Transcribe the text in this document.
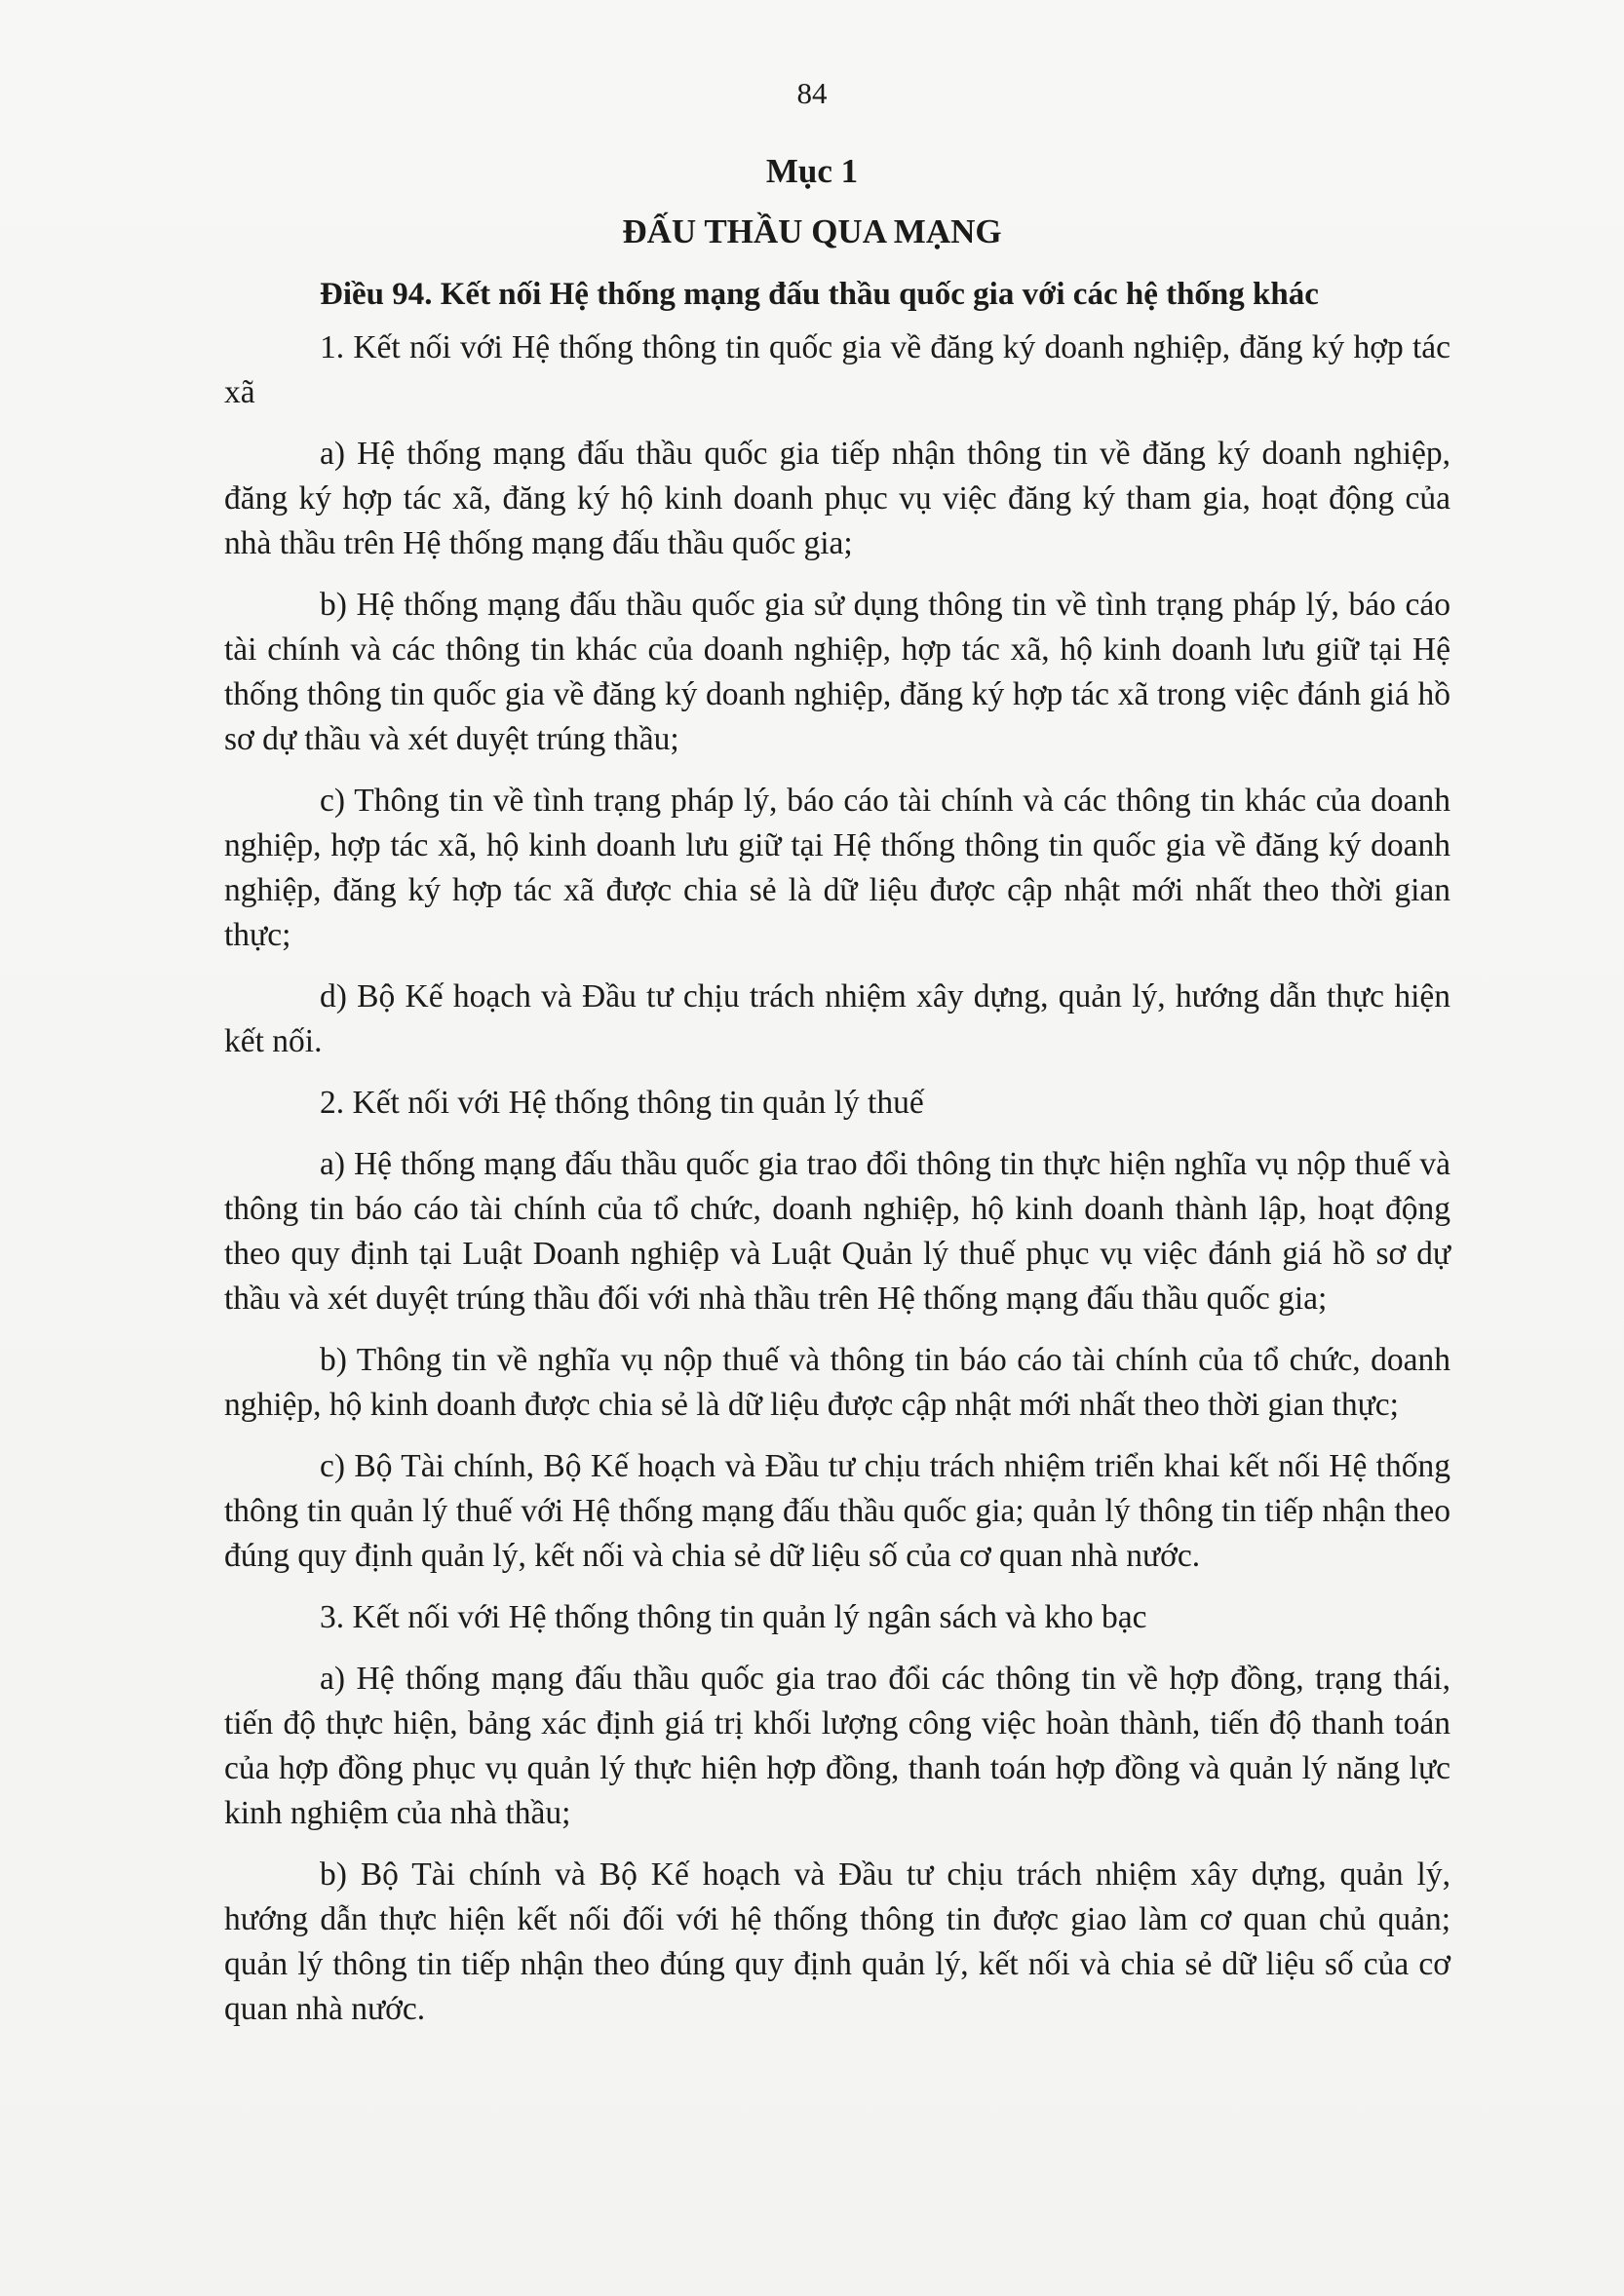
84
Mục 1
ĐẤU THẦU QUA MẠNG
Điều 94. Kết nối Hệ thống mạng đấu thầu quốc gia với các hệ thống khác

1. Kết nối với Hệ thống thông tin quốc gia về đăng ký doanh nghiệp, đăng ký hợp tác xã

a) Hệ thống mạng đấu thầu quốc gia tiếp nhận thông tin về đăng ký doanh nghiệp, đăng ký hợp tác xã, đăng ký hộ kinh doanh phục vụ việc đăng ký tham gia, hoạt động của nhà thầu trên Hệ thống mạng đấu thầu quốc gia;

b) Hệ thống mạng đấu thầu quốc gia sử dụng thông tin về tình trạng pháp lý, báo cáo tài chính và các thông tin khác của doanh nghiệp, hợp tác xã, hộ kinh doanh lưu giữ tại Hệ thống thông tin quốc gia về đăng ký doanh nghiệp, đăng ký hợp tác xã trong việc đánh giá hồ sơ dự thầu và xét duyệt trúng thầu;

c) Thông tin về tình trạng pháp lý, báo cáo tài chính và các thông tin khác của doanh nghiệp, hợp tác xã, hộ kinh doanh lưu giữ tại Hệ thống thông tin quốc gia về đăng ký doanh nghiệp, đăng ký hợp tác xã được chia sẻ là dữ liệu được cập nhật mới nhất theo thời gian thực;

d) Bộ Kế hoạch và Đầu tư chịu trách nhiệm xây dựng, quản lý, hướng dẫn thực hiện kết nối.

2. Kết nối với Hệ thống thông tin quản lý thuế

a) Hệ thống mạng đấu thầu quốc gia trao đổi thông tin thực hiện nghĩa vụ nộp thuế và thông tin báo cáo tài chính của tổ chức, doanh nghiệp, hộ kinh doanh thành lập, hoạt động theo quy định tại Luật Doanh nghiệp và Luật Quản lý thuế phục vụ việc đánh giá hồ sơ dự thầu và xét duyệt trúng thầu đối với nhà thầu trên Hệ thống mạng đấu thầu quốc gia;

b) Thông tin về nghĩa vụ nộp thuế và thông tin báo cáo tài chính của tổ chức, doanh nghiệp, hộ kinh doanh được chia sẻ là dữ liệu được cập nhật mới nhất theo thời gian thực;

c) Bộ Tài chính, Bộ Kế hoạch và Đầu tư chịu trách nhiệm triển khai kết nối Hệ thống thông tin quản lý thuế với Hệ thống mạng đấu thầu quốc gia; quản lý thông tin tiếp nhận theo đúng quy định quản lý, kết nối và chia sẻ dữ liệu số của cơ quan nhà nước.

3. Kết nối với Hệ thống thông tin quản lý ngân sách và kho bạc

a) Hệ thống mạng đấu thầu quốc gia trao đổi các thông tin về hợp đồng, trạng thái, tiến độ thực hiện, bảng xác định giá trị khối lượng công việc hoàn thành, tiến độ thanh toán của hợp đồng phục vụ quản lý thực hiện hợp đồng, thanh toán hợp đồng và quản lý năng lực kinh nghiệm của nhà thầu;

b) Bộ Tài chính và Bộ Kế hoạch và Đầu tư chịu trách nhiệm xây dựng, quản lý, hướng dẫn thực hiện kết nối đối với hệ thống thông tin được giao làm cơ quan chủ quản; quản lý thông tin tiếp nhận theo đúng quy định quản lý, kết nối và chia sẻ dữ liệu số của cơ quan nhà nước.
